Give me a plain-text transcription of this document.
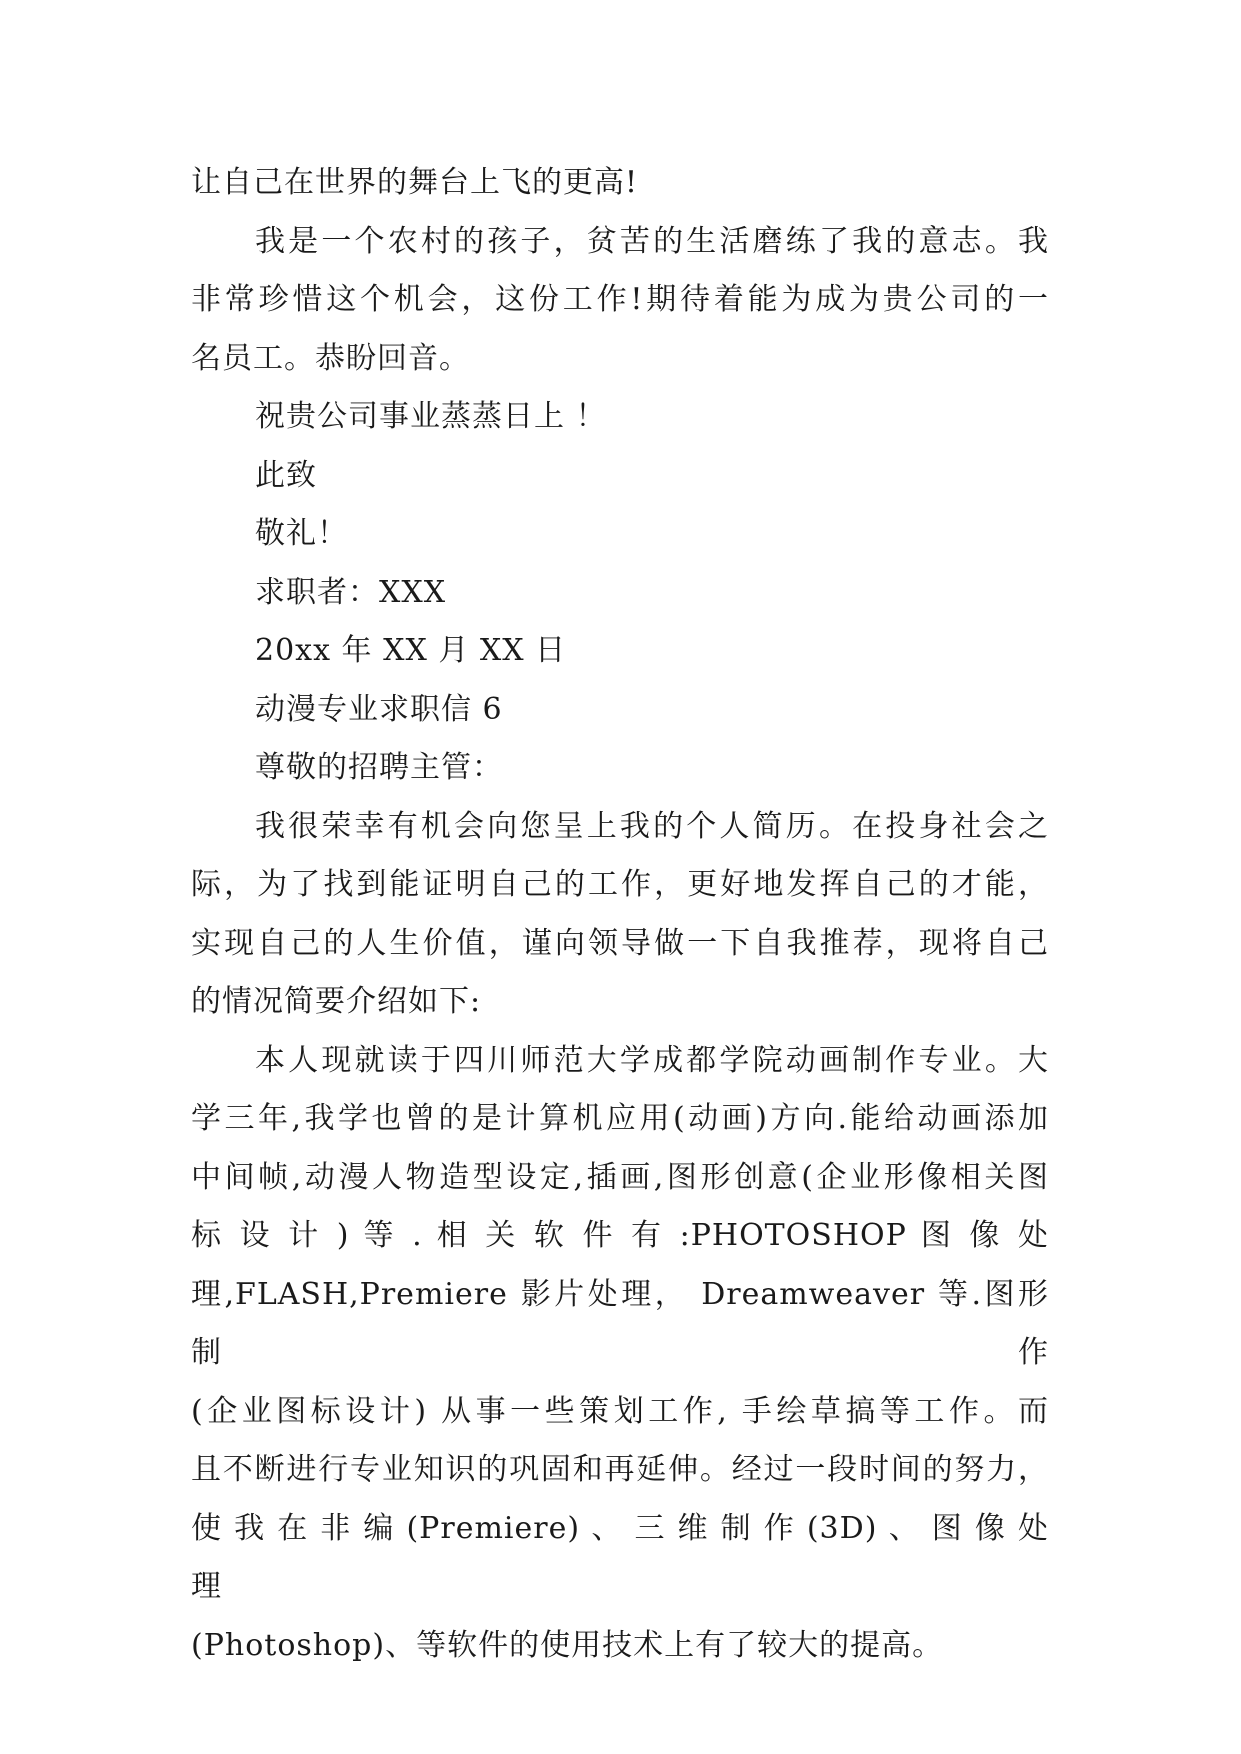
让自己在世界的舞台上飞的更高!

我是一个农村的孩子，贫苦的生活磨练了我的意志。我
非常珍惜这个机会，这份工作!期待着能为成为贵公司的一
名员工。恭盼回音。

祝贵公司事业蒸蒸日上 ！

此致

敬礼！

求职者：XXX

20xx 年 XX 月 XX 日

动漫专业求职信 6

尊敬的招聘主管：

我很荣幸有机会向您呈上我的个人简历。在投身社会之
际，为了找到能证明自己的工作，更好地发挥自己的才能，
实现自己的人生价值，谨向领导做一下自我推荐，现将自己
的情况简要介绍如下:
本人现就读于四川师范大学成都学院动画制作专业。大
学三年,我学也曾的是计算机应用(动画)方向.能给动画添加
中间帧,动漫人物造型设定,插画,图形创意(企业形像相关图
标 设 计 ) 等 . 相 关 软 件 有 :PHOTOSHOP 图 像 处
理,FLASH,Premiere 影片处理， Dreamweaver 等.图形制作
(企业图标设计) 从事一些策划工作, 手绘草搞等工作。而
且不断进行专业知识的巩固和再延伸。经过一段时间的努力，
使 我 在 非 编 (Premiere) 、 三 维 制 作 (3D) 、 图 像 处 理
(Photoshop)、等软件的使用技术上有了较大的提高。
